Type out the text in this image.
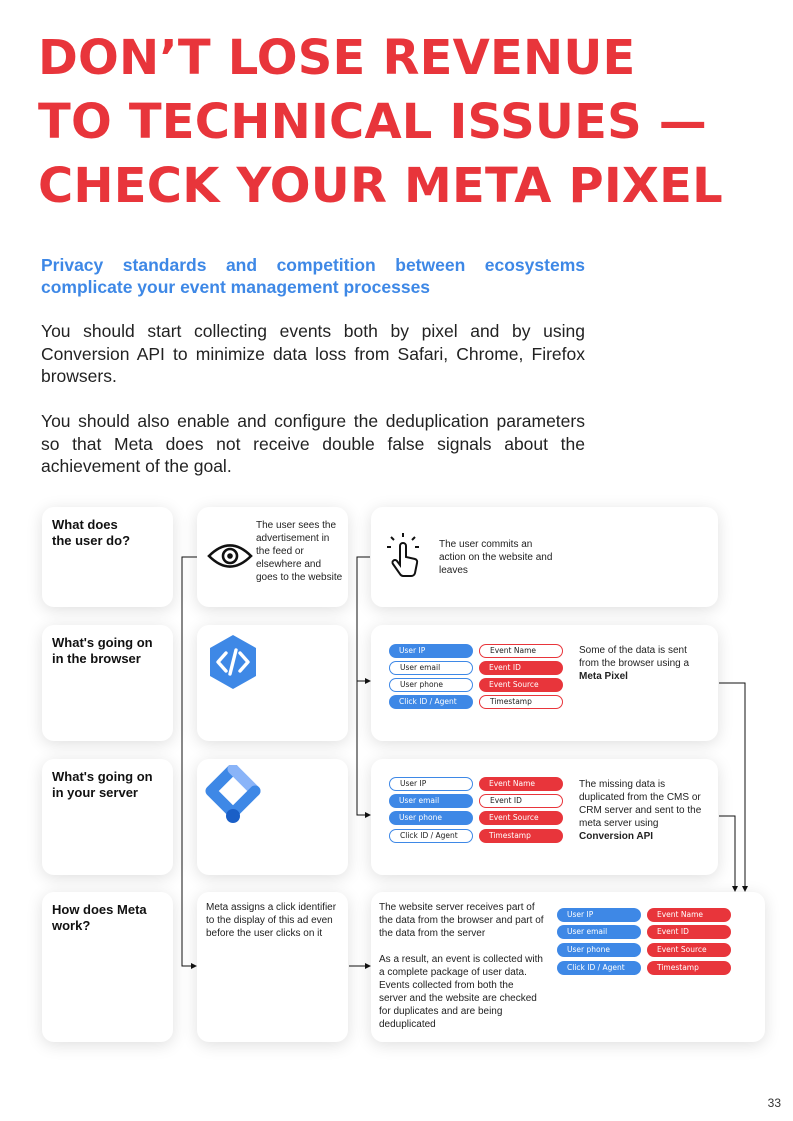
DON’T LOSE REVENUE
TO TECHNICAL ISSUES —
CHECK YOUR META PIXEL
Privacy standards and competition between ecosystems complicate your event management processes
You should start collecting events both by pixel and by using Conversion API to minimize data loss from Safari, Chrome, Firefox browsers.
You should also enable and configure the deduplication parameters so that Meta does not receive double false signals about the achievement of the goal.
What does
the user do?
The user sees the advertisement in the feed or elsewhere and goes to the website
The user commits an action on the website and leaves
What's going on
in the browser
User IP
User email
User phone
Click ID / Agent
Event Name
Event ID
Event Source
Timestamp
Some of the data is sent from the browser using a Meta Pixel
What's going on
in your server
User IP
User email
User phone
Click ID / Agent
Event Name
Event ID
Event Source
Timestamp
The missing data is duplicated from the CMS or CRM server and sent to the meta server using Conversion API
How does Meta
work?
Meta assigns a click identifier to the display of this ad even before the user clicks on it
The website server receives part of the data from the browser and part of the data from the server
As a result, an event is collected with a complete package of user data. Events collected from both the server and the website are checked for duplicates and are being deduplicated
User IP
User email
User phone
Click ID / Agent
Event Name
Event ID
Event Source
Timestamp
33
